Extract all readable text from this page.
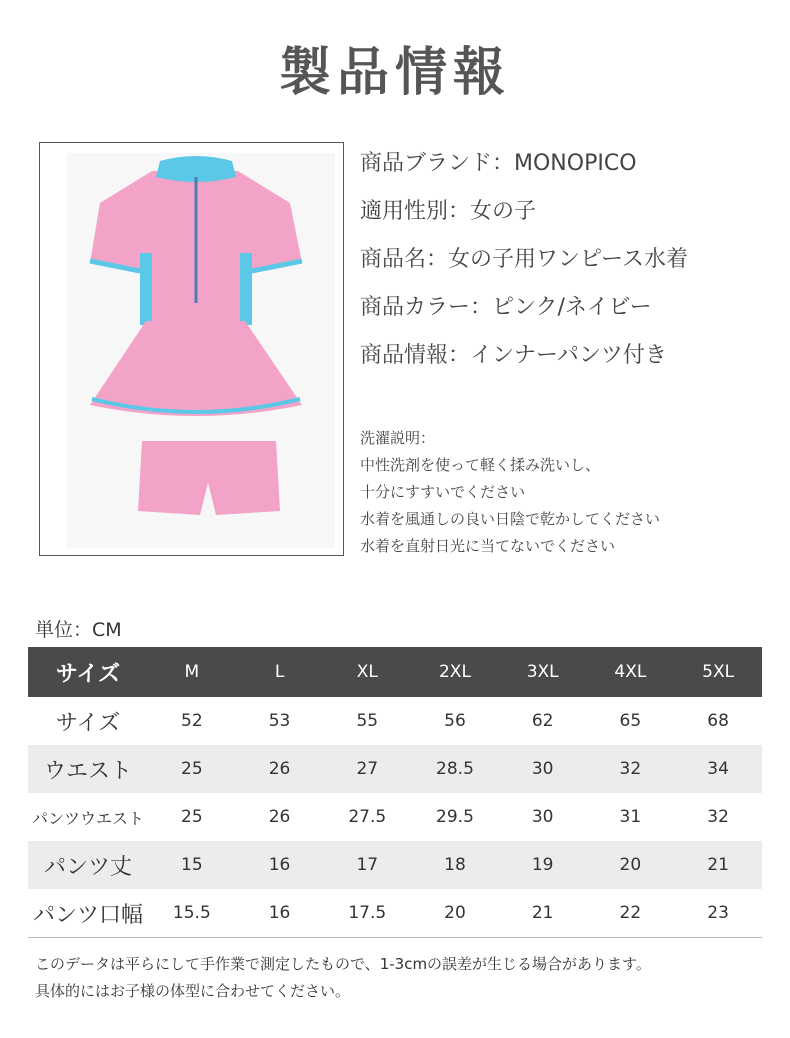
製品情報
商品ブランド：MONOPICO
適用性別：女の子
商品名：女の子用ワンピース水着
商品カラー：ピンク/ネイビー
商品情報：インナーパンツ付き
洗濯説明：
中性洗剤を使って軽く揉み洗いし、
十分にすすいでください
水着を風通しの良い日陰で乾かしてください
水着を直射日光に当てないでください
単位：CM
サイズ	M	L	XL	2XL	3XL	4XL	5XL
サイズ	52	53	55	56	62	65	68
ウエスト	25	26	27	28.5	30	32	34
パンツウエスト	25	26	27.5	29.5	30	31	32
パンツ丈	15	16	17	18	19	20	21
パンツ口幅	15.5	16	17.5	20	21	22	23
このデータは平らにして手作業で測定したもので、1-3cmの誤差が生じる場合があります。
具体的にはお子様の体型に合わせてください。
